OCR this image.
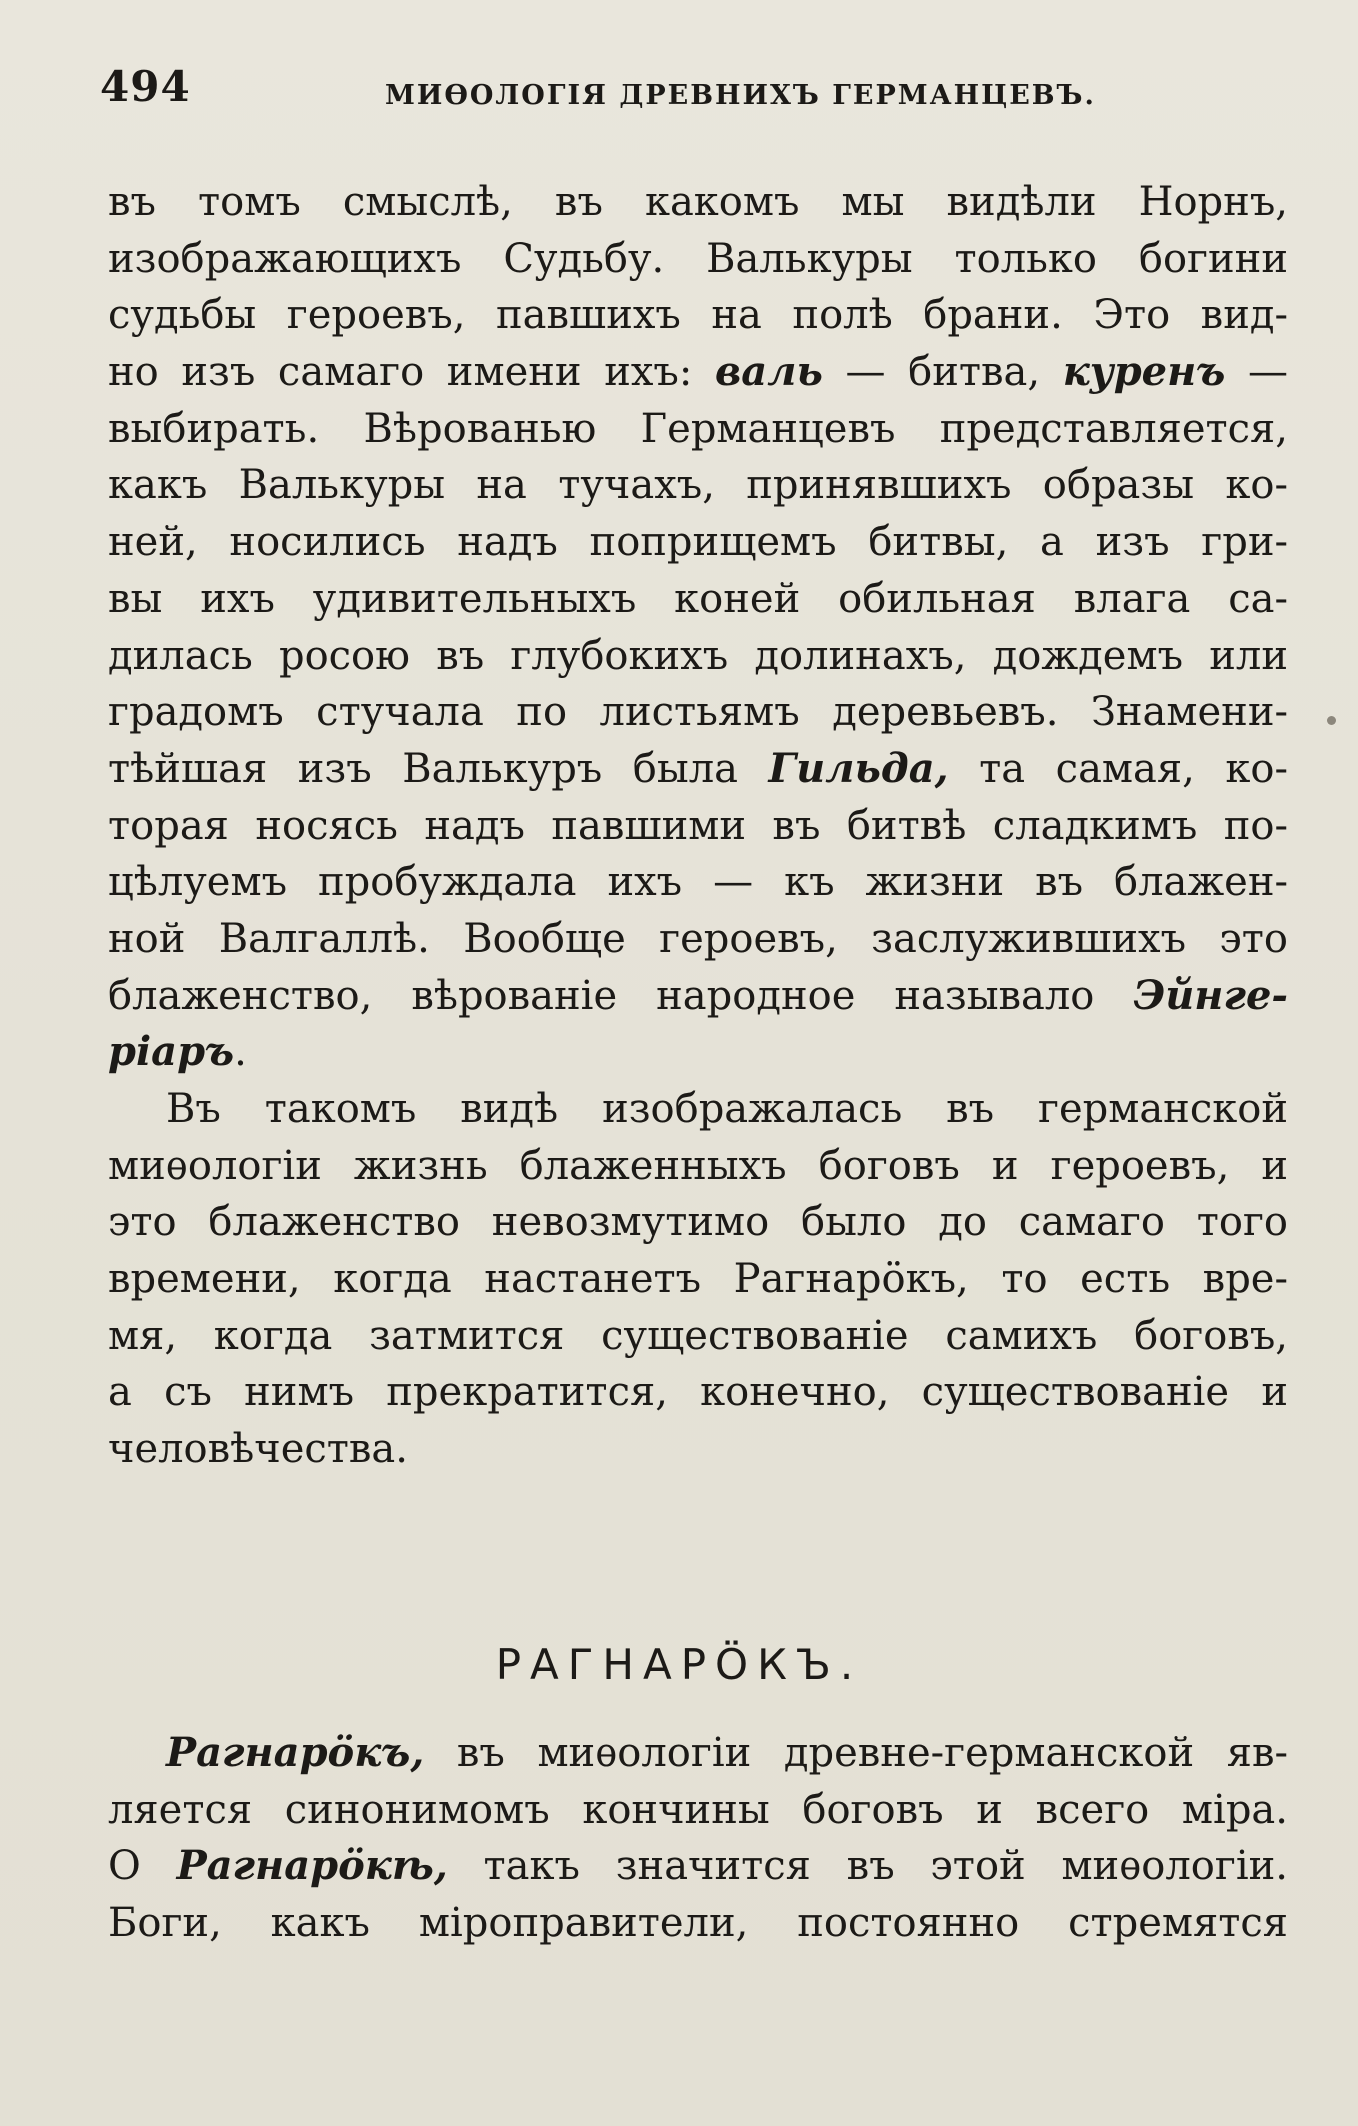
494	МИѲОЛОГІЯ ДРЕВНИХЪ ГЕРМАНЦЕВЪ.
въ томъ смыслѣ, въ какомъ мы видѣли Норнъ,
изображающихъ Судьбу. Валькуры только богини
судьбы героевъ, павшихъ на полѣ брани. Это вид-
но изъ самаго имени ихъ: валь — битва, куренъ —
выбирать. Вѣрованью Германцевъ представляется,
какъ Валькуры на тучахъ, принявшихъ образы ко-
ней, носились надъ поприщемъ битвы, а изъ гри-
вы ихъ удивительныхъ коней обильная влага са-
дилась росою въ глубокихъ долинахъ, дождемъ или
градомъ стучала по листьямъ деревьевъ. Знамени-
тѣйшая изъ Валькуръ была Гильда, та самая, ко-
торая носясь надъ павшими въ битвѣ сладкимъ по-
цѣлуемъ пробуждала ихъ — къ жизни въ блажен-
ной Валгаллѣ. Вообще героевъ, заслужившихъ это
блаженство, вѣрованіе народное называло Эйнге-
ріаръ.
Въ такомъ видѣ изображалась въ германской
миѳологіи жизнь блаженныхъ боговъ и героевъ, и
это блаженство невозмутимо было до самаго того
времени, когда настанетъ Рагнарöкъ, то есть вре-
мя, когда затмится существованіе самихъ боговъ,
а съ нимъ прекратится, конечно, существованіе и
человѣчества.
РАГНАРÖКЪ.
Рагнарöкъ, въ миѳологіи древне-германской яв-
ляется синонимомъ кончины боговъ и всего міра.
О Рагнарöкѣ, такъ значится въ этой миѳологіи.
Боги, какъ міроправители, постоянно стремятся
